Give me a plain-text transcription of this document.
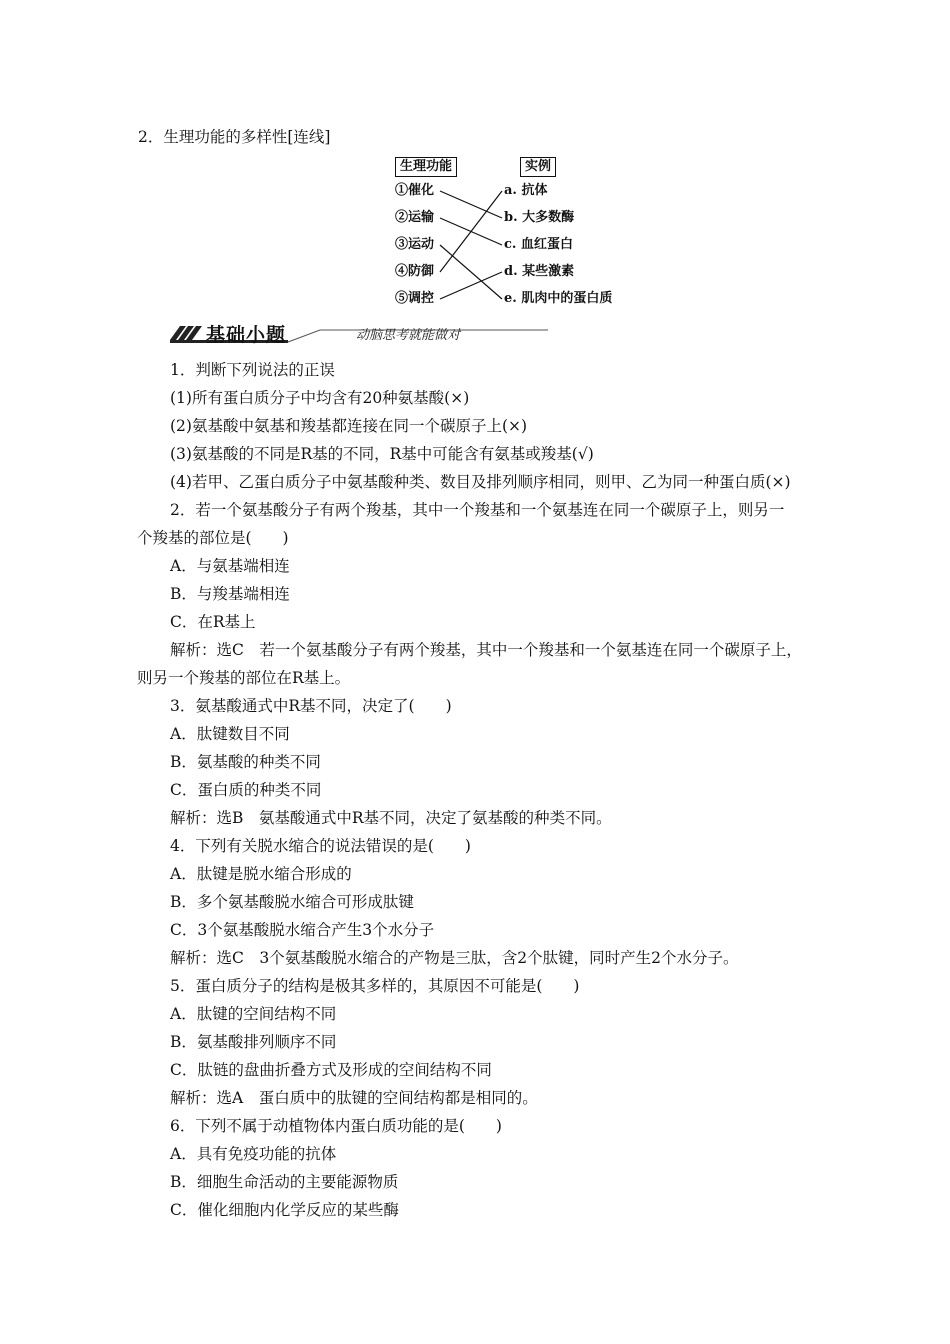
2．生理功能的多样性[连线]
生理功能	实例
①催化
②运输
③运动
④防御
⑤调控
a. 抗体
b. 大多数酶
c. 血红蛋白
d. 某些激素
e. 肌肉中的蛋白质
基础小题	动脑思考就能做对
1．判断下列说法的正误
(1)所有蛋白质分子中均含有20种氨基酸(×)
(2)氨基酸中氨基和羧基都连接在同一个碳原子上(×)
(3)氨基酸的不同是R基的不同，R基中可能含有氨基或羧基(√)
(4)若甲、乙蛋白质分子中氨基酸种类、数目及排列顺序相同，则甲、乙为同一种蛋白质(×)
2．若一个氨基酸分子有两个羧基，其中一个羧基和一个氨基连在同一个碳原子上，则另一
个羧基的部位是(　　)
A．与氨基端相连
B．与羧基端相连
C．在R基上
解析：选C　若一个氨基酸分子有两个羧基，其中一个羧基和一个氨基连在同一个碳原子上，
则另一个羧基的部位在R基上。
3．氨基酸通式中R基不同，决定了(　　)
A．肽键数目不同
B．氨基酸的种类不同
C．蛋白质的种类不同
解析：选B　氨基酸通式中R基不同，决定了氨基酸的种类不同。
4．下列有关脱水缩合的说法错误的是(　　)
A．肽键是脱水缩合形成的
B．多个氨基酸脱水缩合可形成肽键
C．3个氨基酸脱水缩合产生3个水分子
解析：选C　3个氨基酸脱水缩合的产物是三肽，含2个肽键，同时产生2个水分子。
5．蛋白质分子的结构是极其多样的，其原因不可能是(　　)
A．肽键的空间结构不同
B．氨基酸排列顺序不同
C．肽链的盘曲折叠方式及形成的空间结构不同
解析：选A　蛋白质中的肽键的空间结构都是相同的。
6．下列不属于动植物体内蛋白质功能的是(　　)
A．具有免疫功能的抗体
B．细胞生命活动的主要能源物质
C．催化细胞内化学反应的某些酶
